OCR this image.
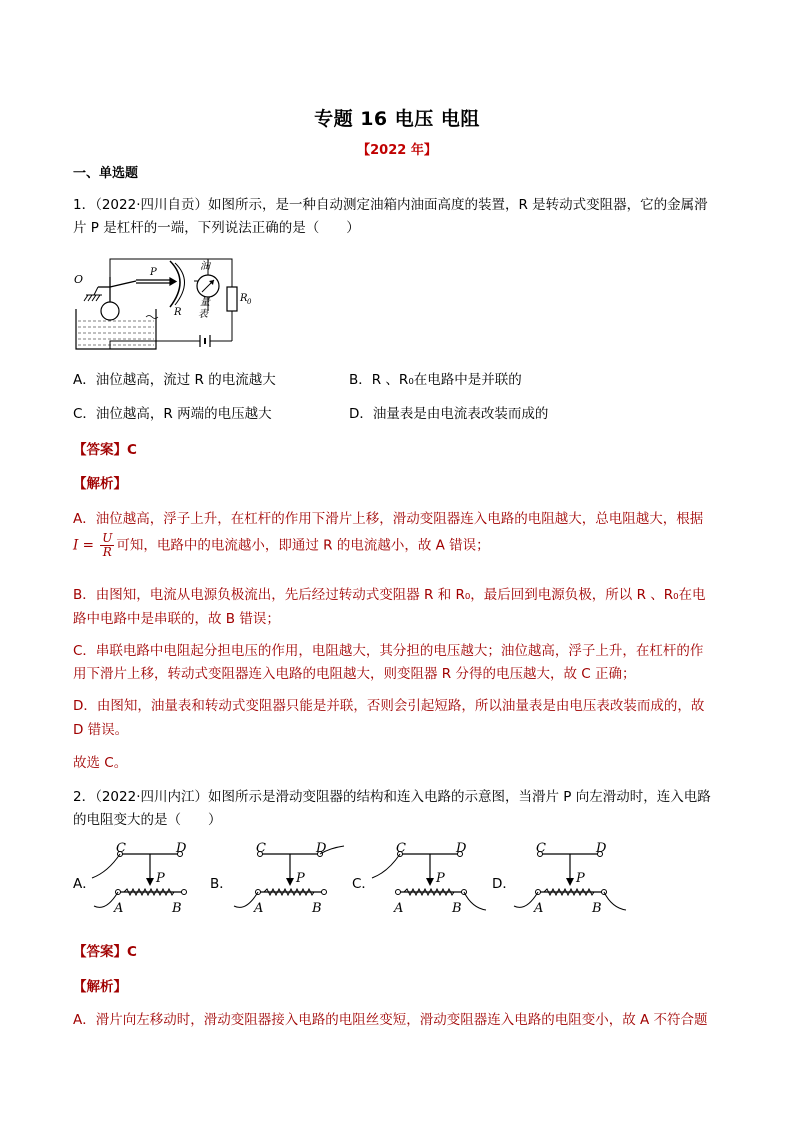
专题 16 电压 电阻
【2022 年】
一、单选题
1．（2022·四川自贡）如图所示，是一种自动测定油箱内油面高度的装置，R 是转动式变阻器，它的金属滑
片 P 是杠杆的一端，下列说法正确的是（　　）
O
P
R
油
量
表
R 0
A．油位越高，流过 R 的电流越大	B．R 、R₀在电路中是并联的
C．油位越高，R 两端的电压越大	D．油量表是由电流表改装而成的
【答案】C
【解析】
A．油位越高，浮子上升，在杠杆的作用下滑片上移，滑动变阻器连入电路的电阻越大，总电阻越大，根据
$I = \frac{U}{R}$ 可知，电路中的电流越小，即通过 R 的电流越小，故 A 错误；
B．由图知，电流从电源负极流出，先后经过转动式变阻器 R 和 R₀，最后回到电源负极，所以 R 、R₀在电
路中电路中是串联的，故 B 错误；
C．串联电路中电阻起分担电压的作用，电阻越大，其分担的电压越大；油位越高，浮子上升，在杠杆的作
用下滑片上移，转动式变阻器连入电路的电阻越大，则变阻器 R 分得的电压越大，故 C 正确；
D．由图知，油量表和转动式变阻器只能是并联，否则会引起短路，所以油量表是由电压表改装而成的，故
D 错误。
故选 C。
2．（2022·四川内江）如图所示是滑动变阻器的结构和连入电路的示意图，当滑片 P 向左滑动时，连入电路
的电阻变大的是（　　）
A．	B．	C．	D．
C	D
P
A	B
C	D
P
A	B
C	D
P
A	B
C	D
P
A	B
【答案】C
【解析】
A．滑片向左移动时，滑动变阻器接入电路的电阻丝变短，滑动变阻器连入电路的电阻变小，故 A 不符合题
